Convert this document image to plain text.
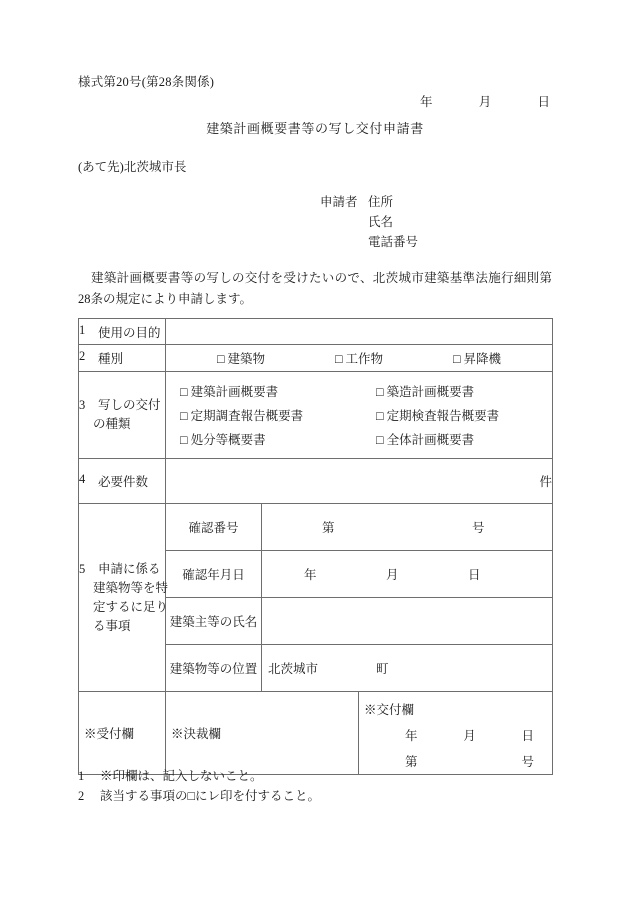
様式第20号(第28条関係)
年	月	日
建築計画概要書等の写し交付申請書
(あて先)北茨城市長
申請者 住所
氏名
電話番号
建築計画概要書等の写しの交付を受けたいので、北茨城市建築基準法施行細則第28条の規定により申請します。
1 使用の目的			

2 種別	□ 建築物 □ 工作物 □ 昇降機		

3 写しの交付
の種類

□ 建築計画概要書	□ 築造計画概要書
□ 定期調査報告概要書	□ 定期検査報告概要書
□ 処分等概要書	□ 全体計画概要書

4 必要件数	件		

5 申請に係る
建築物等を特
定するに足り
る事項	確認番号	第 号	

	確認年月日	年 月 日	

	建築主等の氏名		
	建築物等の位置	北茨城市 町	

※受付欄	※決裁欄

※交付欄
年	月	日
第	号
1	※印欄は、記入しないこと。
2	該当する事項の□にレ印を付すること。
